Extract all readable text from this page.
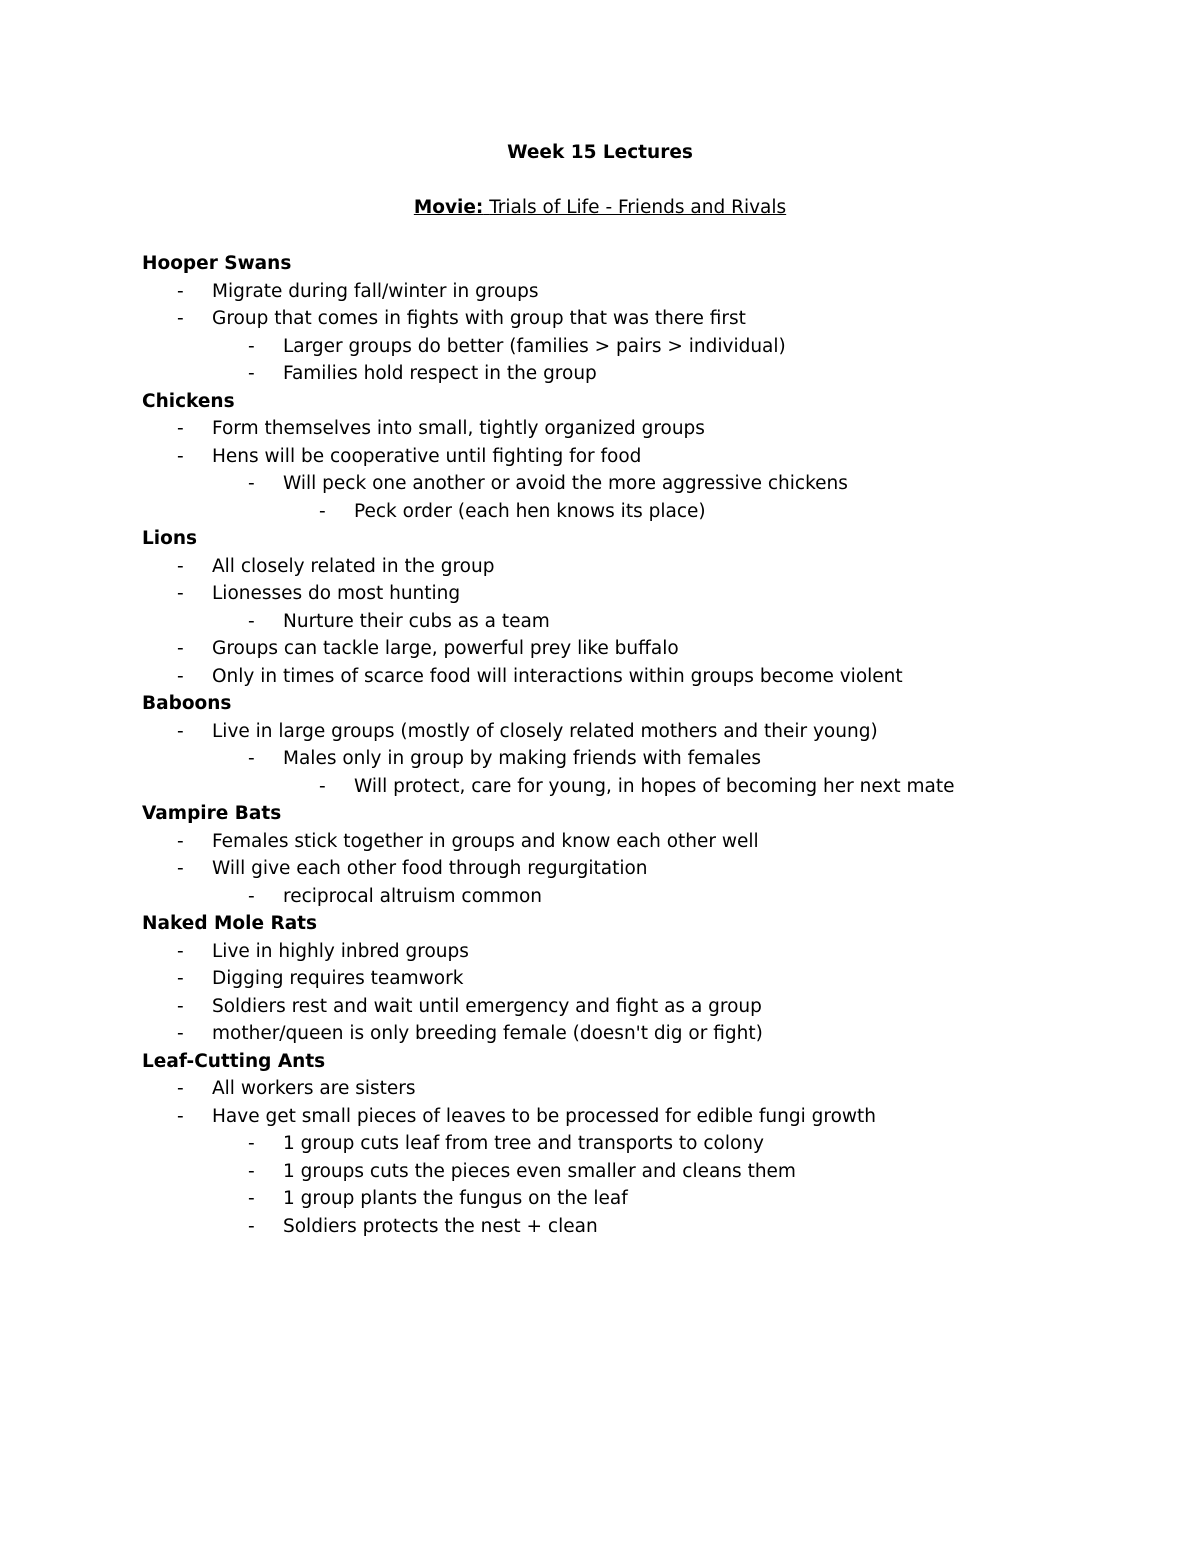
Week 15 Lectures
Movie: Trials of Life - Friends and Rivals
Hooper Swans
- Migrate during fall/winter in groups
- Group that comes in fights with group that was there first
- Larger groups do better (families > pairs > individual)
- Families hold respect in the group
Chickens
- Form themselves into small, tightly organized groups
- Hens will be cooperative until fighting for food
- Will peck one another or avoid the more aggressive chickens
- Peck order (each hen knows its place)
Lions
- All closely related in the group
- Lionesses do most hunting
- Nurture their cubs as a team
- Groups can tackle large, powerful prey like buffalo
- Only in times of scarce food will interactions within groups become violent
Baboons
- Live in large groups (mostly of closely related mothers and their young)
- Males only in group by making friends with females
- Will protect, care for young, in hopes of becoming her next mate
Vampire Bats
- Females stick together in groups and know each other well
- Will give each other food through regurgitation
- reciprocal altruism common
Naked Mole Rats
- Live in highly inbred groups
- Digging requires teamwork
- Soldiers rest and wait until emergency and fight as a group
- mother/queen is only breeding female (doesn't dig or fight)
Leaf-Cutting Ants
- All workers are sisters
- Have get small pieces of leaves to be processed for edible fungi growth
- 1 group cuts leaf from tree and transports to colony
- 1 groups cuts the pieces even smaller and cleans them
- 1 group plants the fungus on the leaf
- Soldiers protects the nest + clean
